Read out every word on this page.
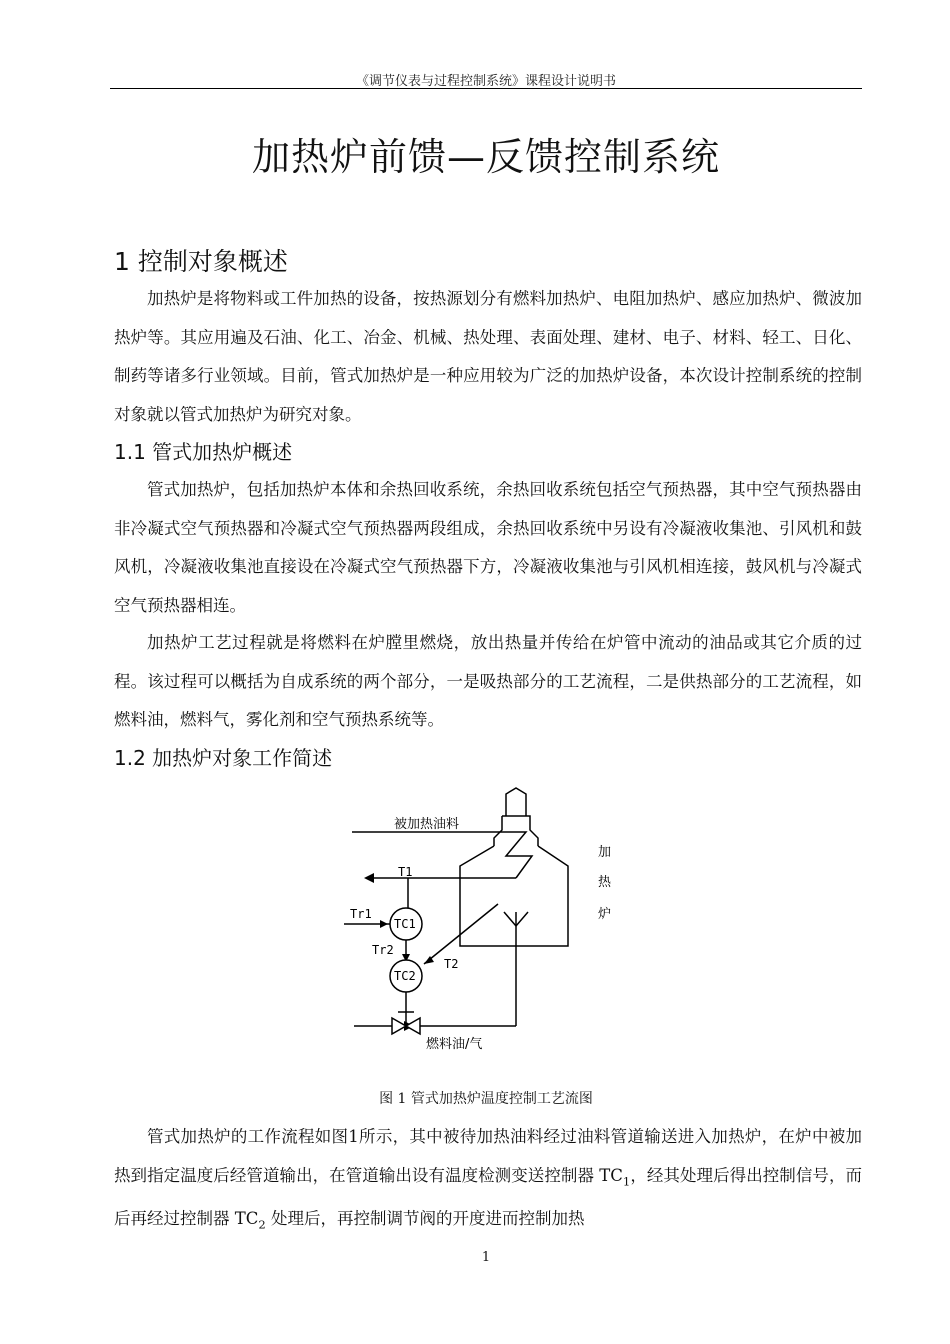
《调节仪表与过程控制系统》课程设计说明书
加热炉前馈—反馈控制系统
1 控制对象概述

加热炉是将物料或工件加热的设备，按热源划分有燃料加热炉、电阻加热炉、感应加热炉、微波加热炉等。其应用遍及石油、化工、冶金、机械、热处理、表面处理、建材、电子、材料、轻工、日化、制药等诸多行业领域。目前，管式加热炉是一种应用较为广泛的加热炉设备，本次设计控制系统的控制对象就以管式加热炉为研究对象。

1.1 管式加热炉概述

管式加热炉，包括加热炉本体和余热回收系统，余热回收系统包括空气预热器，其中空气预热器由非冷凝式空气预热器和冷凝式空气预热器两段组成，余热回收系统中另设有冷凝液收集池、引风机和鼓风机，冷凝液收集池直接设在冷凝式空气预热器下方，冷凝液收集池与引风机相连接，鼓风机与冷凝式空气预热器相连。

加热炉工艺过程就是将燃料在炉膛里燃烧，放出热量并传给在炉管中流动的油品或其它介质的过程。该过程可以概括为自成系统的两个部分，一是吸热部分的工艺流程，二是供热部分的工艺流程，如燃料油，燃料气，雾化剂和空气预热系统等。

1.2 加热炉对象工作简述
被加热油料
加
热
炉
T1
Tr1
TC1
Tr2
TC2
T2
燃料油/气
图 1 管式加热炉温度控制工艺流图

管式加热炉的工作流程如图1所示，其中被待加热油料经过油料管道输送进入加热炉，在炉中被加热到指定温度后经管道输出，在管道输出设有温度检测变送控制器 $TC_1$，经其处理后得出控制信号，而后再经过控制器 $TC_2$ 处理后，再控制调节阀的开度进而控制加热

1
